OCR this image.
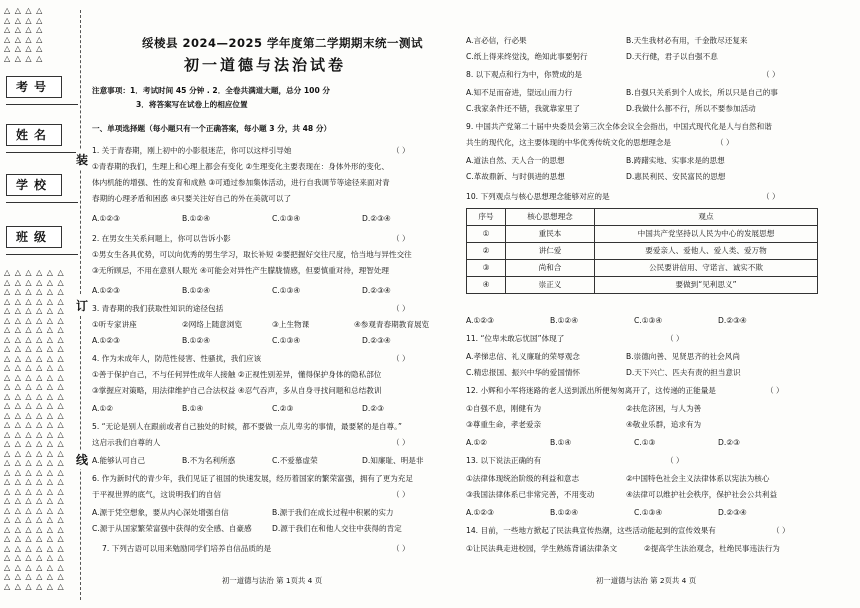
△ △ △ △
△ △ △ △
△ △ △ △
△ △ △ △
△ △ △ △
△ △ △ △
△ △ △ △ △ △
△ △ △ △ △ △
△ △ △ △ △ △
△ △ △ △ △ △
△ △ △ △ △ △
△ △ △ △ △ △
△ △ △ △ △ △
△ △ △ △ △ △
△ △ △ △ △ △
△ △ △ △ △ △
△ △ △ △ △ △
△ △ △ △ △ △
△ △ △ △ △ △
△ △ △ △ △ △
△ △ △ △ △ △
△ △ △ △ △ △
△ △ △ △ △ △
△ △ △ △ △ △
△ △ △ △ △ △
△ △ △ △ △ △
△ △ △ △ △ △
△ △ △ △ △ △
△ △ △ △ △ △
△ △ △ △ △ △
△ △ △ △ △ △
△ △ △ △ △ △
△ △ △ △ △ △
△ △ △ △ △ △
△ △ △ △ △ △
△ △ △ △ △ △
△ △ △ △ △ △
△ △ △ △ △ △
△ △ △ △ △ △
△ △ △ △ △ △
考号
姓名
学校
班级
装
订
线
绥棱县 2024—2025 学年度第二学期期末统一测试
初一道德与法治试卷
注意事项：1．考试时间 45 分钟 . 2．全卷共满道大题，总分 100 分
3．将答案写在试卷上的相应位置
一、单项选择题（每小题只有一个正确答案，每小题 3 分，共 48 分）
1. 关于青春期，刚上初中的小影很迷茫，你可以这样引导她	（ ）
①青春期的我们，生理上和心理上都会有变化 ②生理变化主要表现在：身体外形的变化、
体内机能的增强、性的发育和成熟 ③可通过参加集体活动，进行自我调节等途径来面对青
春期的心理矛盾和困惑 ④只要关注好自己的外在美就可以了
A.①②③	B.①②④	C.①③④	D.②③④
2. 在男女生关系问题上，你可以告诉小影	（ ）
①男女生各具优势，可以向优秀的男生学习，取长补短 ②要把握好交往尺度，恰当地与异性交往
③无所顾忌，不用在意别人眼光 ④可能会对异性产生朦胧情感，但要慎重对待，理智处理
A.①②③	B.①②④	C.①③④	D.②③④
3. 青春期的我们获取性知识的途径包括	（ ）
①听专家讲座	②网络上随意浏览	③上生物课	④参观青春期教育展览
A.①②③	B.①②④	C.①③④	D.②③④
4. 作为未成年人，防范性侵害、性骚扰，我们应该	（ ）
①善于保护自己，不与任何异性成年人接触 ②正视性别差异，懂得保护身体的隐私部位
③掌握应对策略，用法律维护自己合法权益 ④忍气吞声，多从自身寻找问题和总结教训
A.①②	B.①④	C.②③	D.②③
5. “无论是别人在跟前或者自己独处的时候，都不要做一点儿卑劣的事情，最要紧的是自尊。”
这启示我们自尊的人	（ ）
A.能够认可自己	B.不为名利所惑	C.不爱慕虚荣	D.知廉耻、明是非
6. 作为新时代的青少年，我们见证了祖国的快速发展，经历着国家的繁荣富强，拥有了更为充足
于平视世界的底气，这说明我们的自信	（ ）
A.源于凭空想象，要从内心深处增强自信	B.源于我们在成长过程中积累的实力
C.源于从国家繁荣富强中获得的安全感、自豪感	D.源于我们在和他人交往中获得的肯定
7. 下列古语可以用来勉励同学们培养自信品质的是	（ ）
初一道德与法治 第 1页共 4 页
A.言必信，行必果	B.天生我材必有用，千金散尽还复来
C.纸上得来终觉浅，绝知此事要躬行	D.天行健，君子以自强不息
8. 以下观点和行为中，你赞成的是	（ ）
A.知不足而奋进，望远山而力行	B.自强只关系到个人成长，所以只是自己的事
C.我家条件还不错，我就靠家里了	D.我做什么都不行，所以不要参加活动
9. 中国共产党第二十届中央委员会第三次全体会议全会指出，中国式现代化是人与自然和谐
共生的现代化，这主要体现的中华优秀传统文化的思想理念是	（ ）
A.道法自然、天人合一的思想	B.踌躇实地、实事求是的思想
C.革故鼎新、与时俱进的思想	D.惠民利民、安民富民的思想
10. 下列观点与核心思想理念能够对应的是	（ ）
序号	核心思想理念	观点
①	重民本	中国共产党坚持以人民为中心的发展思想
②	讲仁爱	要爱亲人、爱他人、爱人类、爱万物
③	尚和合	公民要讲信用、守诺言、诚实不欺
④	崇正义	要做到“见利思义”
A.①②③	B.①②④	C.①③④	D.②③④
11. “位卑未敢忘忧国”体现了	（ ）
A.孝悌忠信、礼义廉耻的荣辱观念	B.崇德向善、见贤思齐的社会风尚
C.精忠报国、振兴中华的爱国情怀	D.天下兴亡、匹夫有责的担当意识
12. 小辉和小军将迷路的老人送到派出所便匆匆离开了，这传递的正能量是	（ ）
①自强不息，刚健有为	②扶危济困，与人为善
③尊重生命，孝老爱亲	④敬业乐群，追求有为
A.①②	B.①④	C.①③	D.②③
13. 以下说法正确的有	（ ）
①法律体现统治阶级的利益和意志	②中国特色社会主义法律体系以宪法为核心
③我国法律体系已非常完善，不用变动	④法律可以维护社会秩序，保护社会公共利益
A.①②③	B.①②④	C.①③④	D.②③④
14. 目前，一些地方掀起了民法典宣传热潮，这些活动能起到的宣传效果有	（ ）
①让民法典走进校园，学生熟练背诵法律条文	②提高学生法治观念，杜绝民事违法行为
初一道德与法治 第 2页共 4 页
